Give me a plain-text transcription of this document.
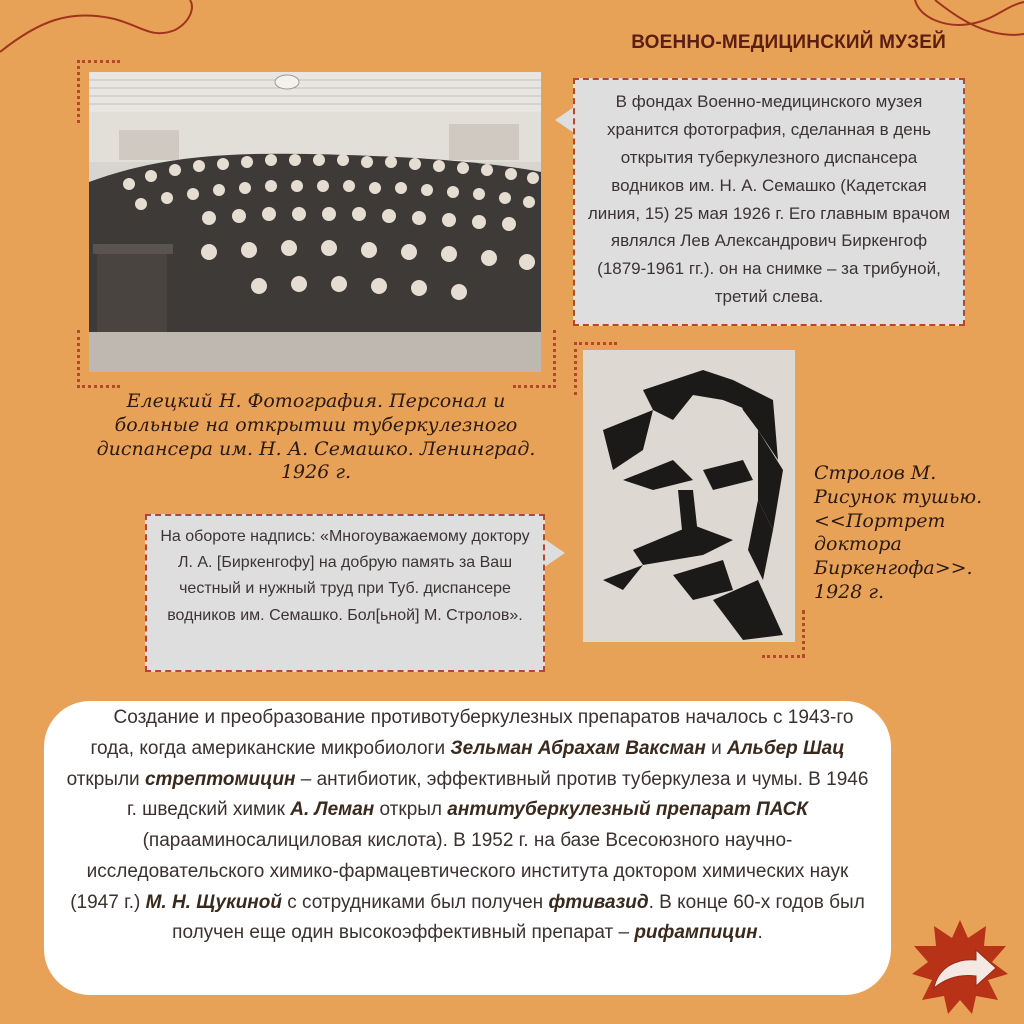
ВОЕННО-МЕДИЦИНСКИЙ МУЗЕЙ
Елецкий Н. Фотография. Персонал и больные на открытии туберкулезного диспансера им. Н. А. Семашко. Ленинград. 1926 г.
В фондах Военно-медицинского музея хранится фотография, сделанная в день открытия туберкулезного диспансера водников им. Н. А. Семашко (Кадетская линия, 15) 25 мая 1926 г. Его главным врачом являлся Лев Александрович Биркенгоф (1879-1961 гг.). он на снимке – за трибуной, третий слева.
Стролов М. Рисунок тушью. <<Портрет доктора Биркенгофа>>. 1928 г.
На обороте надпись: «Многоуважаемому доктору Л. А. [Биркенгофу] на добрую память за Ваш честный и нужный труд при Туб. диспансере водников им. Семашко. Бол[ьной] М. Стролов».
Создание и преобразование противотуберкулезных препаратов началось с 1943-го года, когда американские микробиологи Зельман Абрахам Ваксман и Альбер Шац открыли стрептомицин – антибиотик, эффективный против туберкулеза и чумы. В 1946 г. шведский химик А. Леман открыл антитуберкулезный препарат ПАСК (парааминосалициловая кислота). В 1952 г. на базе Всесоюзного научно-исследовательского химико-фармацевтического института доктором химических наук (1947 г.) М. Н. Щукиной с сотрудниками был получен фтивазид. В конце 60-х годов был получен еще один высокоэффективный препарат – рифампицин.
